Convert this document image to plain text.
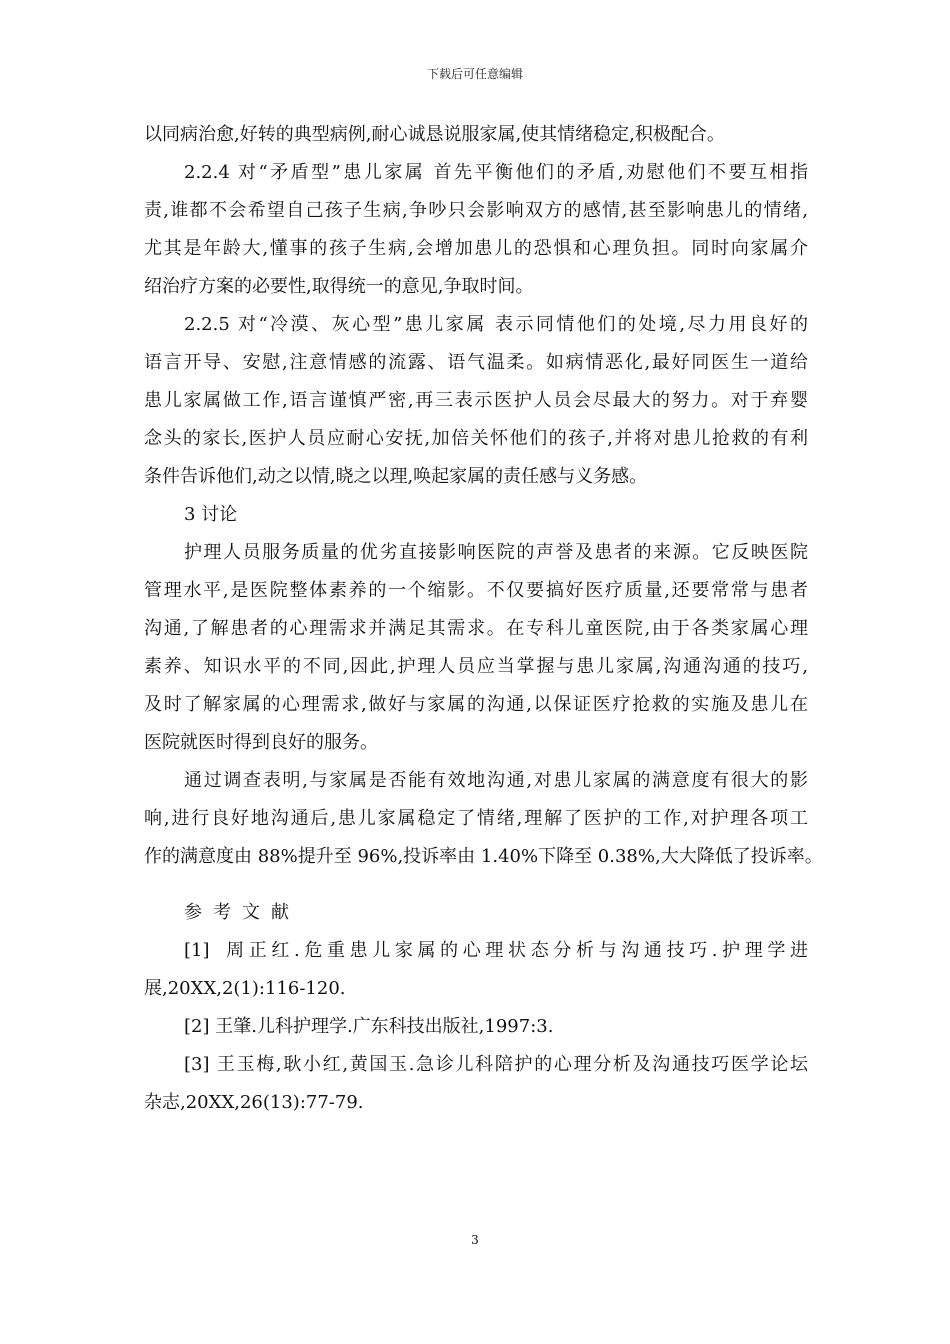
下载后可任意编辑
以同病治愈,好转的典型病例,耐心诚恳说服家属,使其情绪稳定,积极配合。
2.2.4 对“矛盾型”患儿家属 首先平衡他们的矛盾,劝慰他们不要互相指
责,谁都不会希望自己孩子生病,争吵只会影响双方的感情,甚至影响患儿的情绪,
尤其是年龄大,懂事的孩子生病,会增加患儿的恐惧和心理负担。同时向家属介
绍治疗方案的必要性,取得统一的意见,争取时间。
2.2.5 对“冷漠、灰心型”患儿家属 表示同情他们的处境,尽力用良好的
语言开导、安慰,注意情感的流露、语气温柔。如病情恶化,最好同医生一道给
患儿家属做工作,语言谨慎严密,再三表示医护人员会尽最大的努力。对于弃婴
念头的家长,医护人员应耐心安抚,加倍关怀他们的孩子,并将对患儿抢救的有利
条件告诉他们,动之以情,晓之以理,唤起家属的责任感与义务感。
3 讨论
护理人员服务质量的优劣直接影响医院的声誉及患者的来源。它反映医院
管理水平,是医院整体素养的一个缩影。不仅要搞好医疗质量,还要常常与患者
沟通,了解患者的心理需求并满足其需求。在专科儿童医院,由于各类家属心理
素养、知识水平的不同,因此,护理人员应当掌握与患儿家属,沟通沟通的技巧,
及时了解家属的心理需求,做好与家属的沟通,以保证医疗抢救的实施及患儿在
医院就医时得到良好的服务。
通过调查表明,与家属是否能有效地沟通,对患儿家属的满意度有很大的影
响,进行良好地沟通后,患儿家属稳定了情绪,理解了医护的工作,对护理各项工
作的满意度由 88%提升至 96%,投诉率由 1.40%下降至 0.38%,大大降低了投诉率。
参考文献
[1] 周正红.危重患儿家属的心理状态分析与沟通技巧.护理学进
展,20XX,2(1):116-120.
[2] 王肇.儿科护理学.广东科技出版社,1997:3.
[3] 王玉梅,耿小红,黄国玉.急诊儿科陪护的心理分析及沟通技巧医学论坛
杂志,20XX,26(13):77-79.
3
